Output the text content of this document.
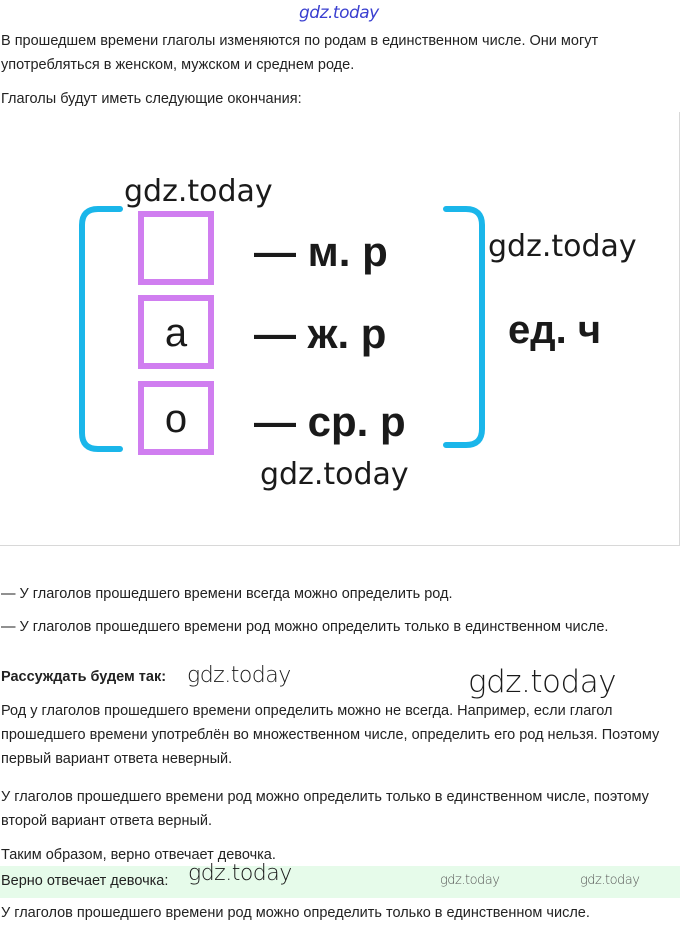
gdz.today

В прошедшем времени глаголы изменяются по родам в единственном числе. Они могут употребляться в женском, мужском и среднем роде.

Глаголы будут иметь следующие окончания:

а
о
— м. р
— ж. р
— ср. р
ед. ч
gdz.today
gdz.today
gdz.today

— У глаголов прошедшего времени всегда можно определить род.

— У глаголов прошедшего времени род можно определить только в единственном числе.

Рассуждать будем так: gdz.today	gdz.today

Род у глаголов прошедшего времени определить можно не всегда. Например, если глагол прошедшего времени употреблён во множественном числе, определить его род нельзя. Поэтому первый вариант ответа неверный.

У глаголов прошедшего времени род можно определить только в единственном числе, поэтому второй вариант ответа верный.

Таким образом, верно отвечает девочка.

Верно отвечает девочка: gdz.today	gdz.today	gdz.today
У глаголов прошедшего времени род можно определить только в единственном числе.
